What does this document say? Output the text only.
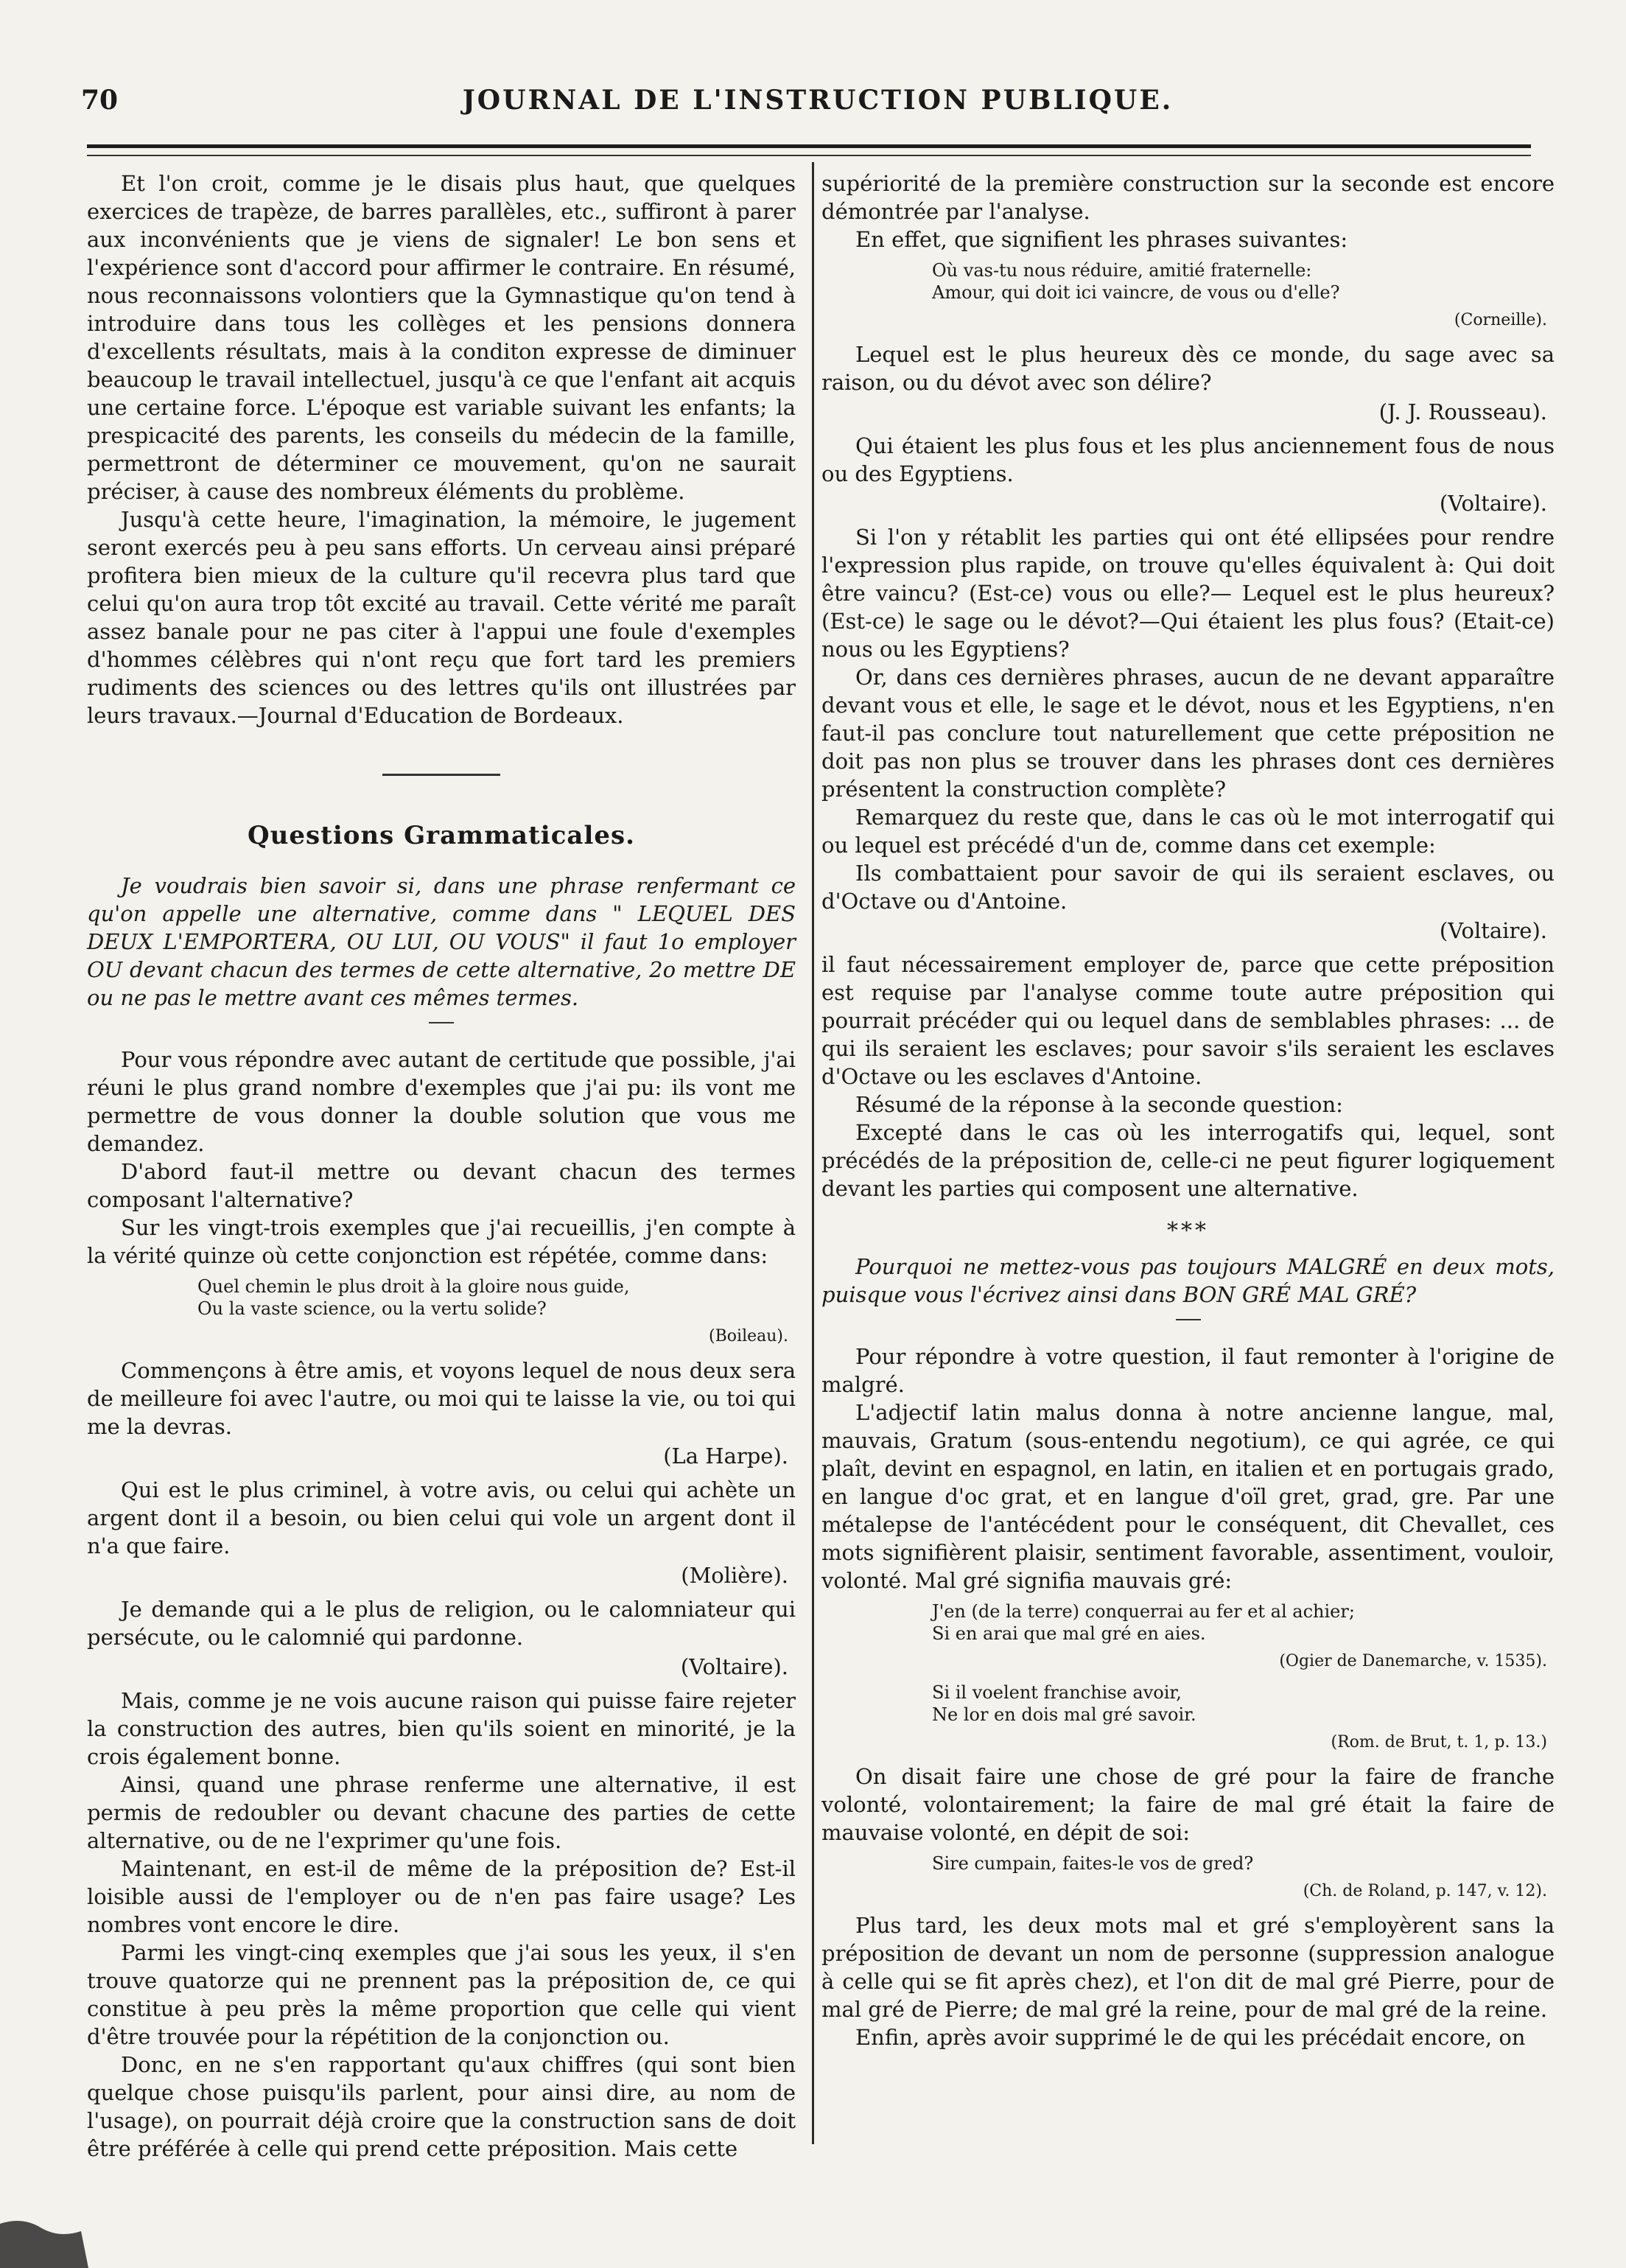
70	JOURNAL DE L'INSTRUCTION PUBLIQUE.

Et l'on croit, comme je le disais plus haut, que quelques exercices de trapèze, de barres parallèles, etc., suffiront à parer aux inconvénients que je viens de signaler! Le bon sens et l'expérience sont d'accord pour affirmer le contraire. En résumé, nous reconnaissons volontiers que la Gymnastique qu'on tend à introduire dans tous les collèges et les pensions donnera d'excellents résultats, mais à la conditon expresse de diminuer beaucoup le travail intellectuel, jusqu'à ce que l'enfant ait acquis une certaine force. L'époque est variable suivant les enfants; la prespicacité des parents, les conseils du médecin de la famille, permettront de déterminer ce mouvement, qu'on ne saurait préciser, à cause des nombreux éléments du problème.

Jusqu'à cette heure, l'imagination, la mémoire, le jugement seront exercés peu à peu sans efforts. Un cerveau ainsi préparé profitera bien mieux de la culture qu'il recevra plus tard que celui qu'on aura trop tôt excité au travail. Cette vérité me paraît assez banale pour ne pas citer à l'appui une foule d'exemples d'hommes célèbres qui n'ont reçu que fort tard les premiers rudiments des sciences ou des lettres qu'ils ont illustrées par leurs travaux.—Journal d'Education de Bordeaux.

Questions Grammaticales.

Je voudrais bien savoir si, dans une phrase renfermant ce qu'on appelle une alternative, comme dans " LEQUEL DES DEUX L'EMPORTERA, OU LUI, OU VOUS" il faut 1o employer OU devant chacun des termes de cette alternative, 2o mettre DE ou ne pas le mettre avant ces mêmes termes.

Pour vous répondre avec autant de certitude que possible, j'ai réuni le plus grand nombre d'exemples que j'ai pu: ils vont me permettre de vous donner la double solution que vous me demandez.

D'abord faut-il mettre ou devant chacun des termes composant l'alternative?

Sur les vingt-trois exemples que j'ai recueillis, j'en compte à la vérité quinze où cette conjonction est répétée, comme dans:

Quel chemin le plus droit à la gloire nous guide,
Ou la vaste science, ou la vertu solide?
(Boileau).

Commençons à être amis, et voyons lequel de nous deux sera de meilleure foi avec l'autre, ou moi qui te laisse la vie, ou toi qui me la devras.

(La Harpe).

Qui est le plus criminel, à votre avis, ou celui qui achète un argent dont il a besoin, ou bien celui qui vole un argent dont il n'a que faire.

(Molière).

Je demande qui a le plus de religion, ou le calomniateur qui persécute, ou le calomnié qui pardonne.

(Voltaire).

Mais, comme je ne vois aucune raison qui puisse faire rejeter la construction des autres, bien qu'ils soient en minorité, je la crois également bonne.

Ainsi, quand une phrase renferme une alternative, il est permis de redoubler ou devant chacune des parties de cette alternative, ou de ne l'exprimer qu'une fois.

Maintenant, en est-il de même de la préposition de? Est-il loisible aussi de l'employer ou de n'en pas faire usage? Les nombres vont encore le dire.

Parmi les vingt-cinq exemples que j'ai sous les yeux, il s'en trouve quatorze qui ne prennent pas la préposition de, ce qui constitue à peu près la même proportion que celle qui vient d'être trouvée pour la répétition de la conjonction ou.

Donc, en ne s'en rapportant qu'aux chiffres (qui sont bien quelque chose puisqu'ils parlent, pour ainsi dire, au nom de l'usage), on pourrait déjà croire que la construction sans de doit être préférée à celle qui prend cette préposition. Mais cette

supériorité de la première construction sur la seconde est encore démontrée par l'analyse.

En effet, que signifient les phrases suivantes:

Où vas-tu nous réduire, amitié fraternelle:
Amour, qui doit ici vaincre, de vous ou d'elle?
(Corneille).

Lequel est le plus heureux dès ce monde, du sage avec sa raison, ou du dévot avec son délire?

(J. J. Rousseau).

Qui étaient les plus fous et les plus anciennement fous de nous ou des Egyptiens.

(Voltaire).

Si l'on y rétablit les parties qui ont été ellipsées pour rendre l'expression plus rapide, on trouve qu'elles équivalent à: Qui doit être vaincu? (Est-ce) vous ou elle?— Lequel est le plus heureux? (Est-ce) le sage ou le dévot?—Qui étaient les plus fous? (Etait-ce) nous ou les Egyptiens?

Or, dans ces dernières phrases, aucun de ne devant apparaître devant vous et elle, le sage et le dévot, nous et les Egyptiens, n'en faut-il pas conclure tout naturellement que cette préposition ne doit pas non plus se trouver dans les phrases dont ces dernières présentent la construction complète?

Remarquez du reste que, dans le cas où le mot interrogatif qui ou lequel est précédé d'un de, comme dans cet exemple:

Ils combattaient pour savoir de qui ils seraient esclaves, ou d'Octave ou d'Antoine.

(Voltaire).

il faut nécessairement employer de, parce que cette préposition est requise par l'analyse comme toute autre préposition qui pourrait précéder qui ou lequel dans de semblables phrases: ... de qui ils seraient les esclaves; pour savoir s'ils seraient les esclaves d'Octave ou les esclaves d'Antoine.

Résumé de la réponse à la seconde question:

Excepté dans le cas où les interrogatifs qui, lequel, sont précédés de la préposition de, celle-ci ne peut figurer logiquement devant les parties qui composent une alternative.

***

Pourquoi ne mettez-vous pas toujours MALGRÉ en deux mots, puisque vous l'écrivez ainsi dans BON GRÉ MAL GRÉ?

Pour répondre à votre question, il faut remonter à l'origine de malgré.

L'adjectif latin malus donna à notre ancienne langue, mal, mauvais, Gratum (sous-entendu negotium), ce qui agrée, ce qui plaît, devint en espagnol, en latin, en italien et en portugais grado, en langue d'oc grat, et en langue d'oïl gret, grad, gre. Par une métalepse de l'antécédent pour le conséquent, dit Chevallet, ces mots signifièrent plaisir, sentiment favorable, assentiment, vouloir, volonté. Mal gré signifia mauvais gré:

J'en (de la terre) conquerrai au fer et al achier;
Si en arai que mal gré en aies.
(Ogier de Danemarche, v. 1535).
Si il voelent franchise avoir,
Ne lor en dois mal gré savoir.
(Rom. de Brut, t. 1, p. 13.)

On disait faire une chose de gré pour la faire de franche volonté, volontairement; la faire de mal gré était la faire de mauvaise volonté, en dépit de soi:

Sire cumpain, faites-le vos de gred?
(Ch. de Roland, p. 147, v. 12).

Plus tard, les deux mots mal et gré s'employèrent sans la préposition de devant un nom de personne (suppression analogue à celle qui se fit après chez), et l'on dit de mal gré Pierre, pour de mal gré de Pierre; de mal gré la reine, pour de mal gré de la reine.

Enfin, après avoir supprimé le de qui les précédait encore, on
